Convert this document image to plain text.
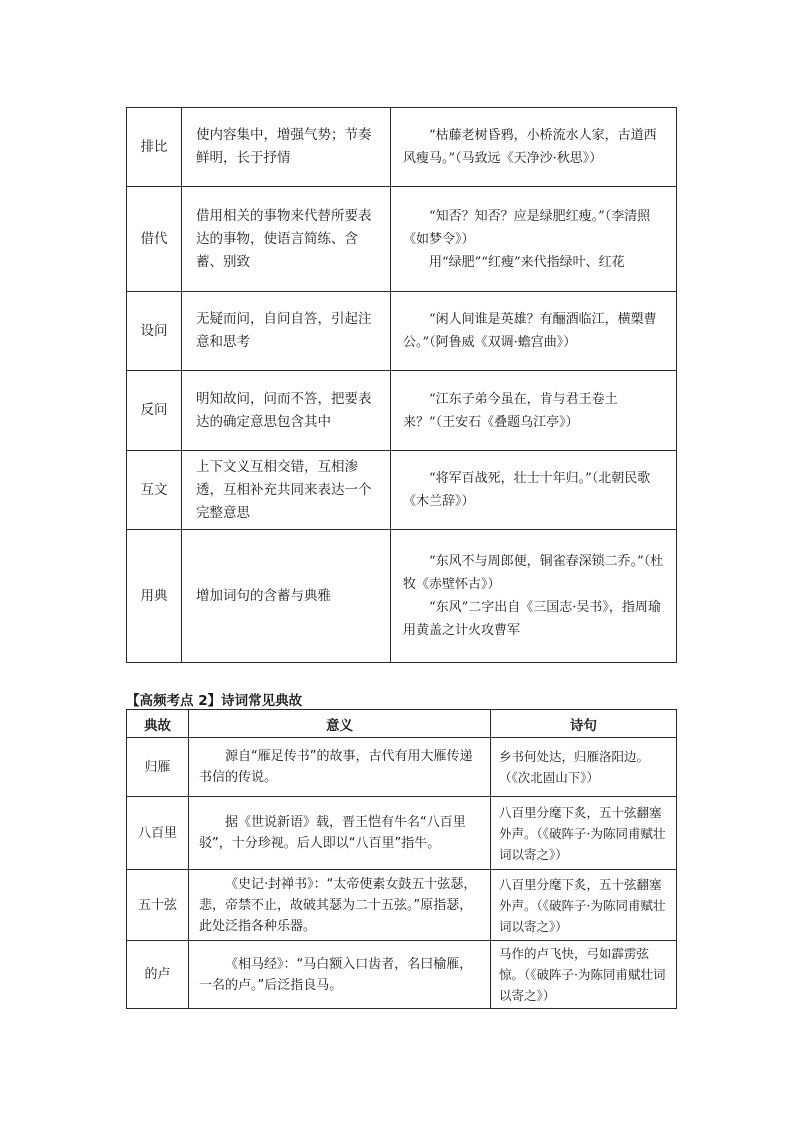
排比	使内容集中，增强气势；节奏鲜明，长于抒情	“枯藤老树昏鸦，小桥流水人家，古道西风瘦马。”（马致远《天净沙·秋思》）

借代	借用相关的事物来代替所要表达的事物，使语言简练、含蓄、别致	“知否？知否？应是绿肥红瘦。”（李清照《如梦令》）
用“绿肥”“红瘦”来代指绿叶、红花

设问	无疑而问，自问自答，引起注意和思考	“闲人间谁是英雄？有酾酒临江，横槊曹公。”（阿鲁威《双调·蟾宫曲》）

反问	明知故问，问而不答，把要表达的确定意思包含其中	“江东子弟今虽在，肯与君王卷土来？”（王安石《叠题乌江亭》）

互文	上下文义互相交错，互相渗透，互相补充共同来表达一个完整意思	“将军百战死，壮士十年归。”（北朝民歌《木兰辞》）

用典	增加词句的含蓄与典雅	“东风不与周郎便，铜雀春深锁二乔。”（杜牧《赤壁怀古》）
“东风”二字出自《三国志·吴书》，指周瑜用黄盖之计火攻曹军
【高频考点 2】诗词常见典故
典故	意义	诗句
归雁	源自“雁足传书”的故事，古代有用大雁传递书信的传说。	乡书何处达，归雁洛阳边。（《次北固山下》）
八百里	据《世说新语》载，晋王恺有牛名“八百里驳”，十分珍视。后人即以“八百里”指牛。	八百里分麾下炙，五十弦翻塞外声。（《破阵子·为陈同甫赋壮词以寄之》）
五十弦	《史记·封禅书》：“太帝使素女鼓五十弦瑟，悲，帝禁不止，故破其瑟为二十五弦。”原指瑟，此处泛指各种乐器。	八百里分麾下炙，五十弦翻塞外声。（《破阵子·为陈同甫赋壮词以寄之》）
的卢	《相马经》：“马白额入口齿者，名曰榆雁，一名的卢。”后泛指良马。	马作的卢飞快，弓如霹雳弦惊。（《破阵子·为陈同甫赋壮词以寄之》）
